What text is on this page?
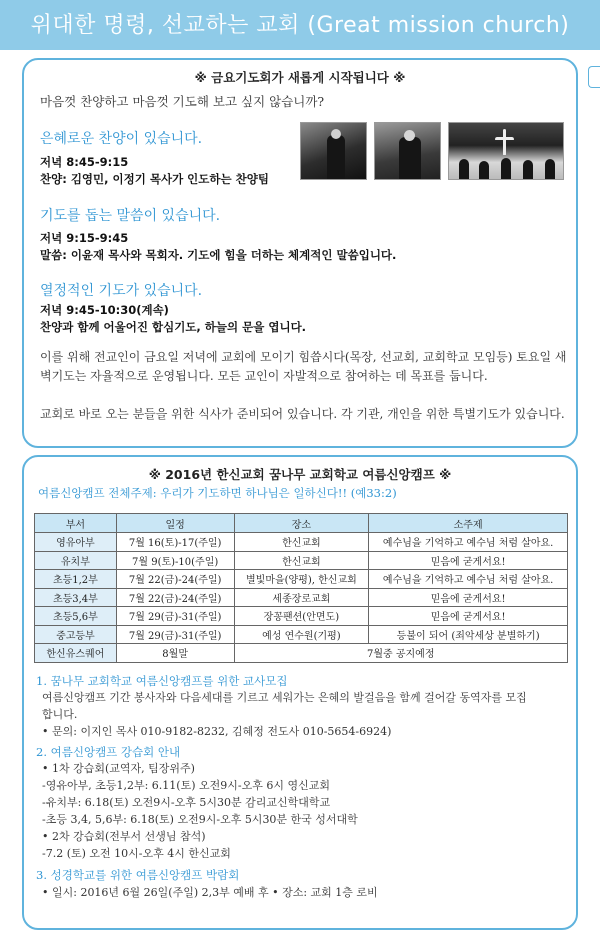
위대한 명령, 선교하는 교회 (Great mission church)
※ 금요기도회가 새롭게 시작됩니다 ※
마음껏 찬양하고 마음껏 기도해 보고 싶지 않습니까?
은혜로운 찬양이 있습니다.
저녁 8:45-9:15
찬양: 김영민, 이정기 목사가 인도하는 찬양팀
기도를 돕는 말씀이 있습니다.
저녁 9:15-9:45
말씀: 이윤재 목사와 목회자. 기도에 힘을 더하는 체계적인 말씀입니다.
열정적인 기도가 있습니다.
저녁 9:45-10:30(계속)
찬양과 함께 어울어진 합심기도, 하늘의 문을 엽니다.
이를 위해 전교인이 금요일 저녁에 교회에 모이기 힘씁시다(목장, 선교회, 교회학교 모임등) 토요일 새벽기도는 자율적으로 운영됩니다. 모든 교인이 자발적으로 참여하는 데 목표를 둡니다.
교회로 바로 오는 분들을 위한 식사가 준비되어 있습니다. 각 기관, 개인을 위한 특별기도가 있습니다.
※ 2016년 한신교회 꿈나무 교회학교 여름신앙캠프 ※
여름신앙캠프 전체주제: 우리가 기도하면 하나님은 일하신다!! (예33:2)
부서	일정	장소	소주제
영유아부	7월 16(토)-17(주일)	한신교회	예수님을 기억하고 예수님 처럼 살아요.
유치부	7월 9(토)-10(주일)	한신교회	믿음에 굳게서요!
초등1,2부	7월 22(금)-24(주일)	별빛마을(양평), 한신교회	예수님을 기억하고 예수님 처럼 살아요.
초등3,4부	7월 22(금)-24(주일)	세종장로교회	믿음에 굳게서요!
초등5,6부	7월 29(금)-31(주일)	장꽁팬션(안면도)	믿음에 굳게서요!
중고등부	7월 29(금)-31(주일)	예성 연수원(기평)	등불이 되어 (죄악세상 분별하기)
한신유스퀘어	8월말	7월중 공지예정	
1. 꿈나무 교회학교 여름신앙캠프를 위한 교사모집
여름신앙캠프 기간 봉사자와 다음세대를 기르고 세워가는 은혜의 발걸음을 함께 걸어갈 동역자를 모집
합니다.
• 문의: 이지인 목사 010-9182-8232, 김혜정 전도사 010-5654-6924)
2. 여름신앙캠프 강습회 안내
• 1차 강습회(교역자, 팀장위주)
-영유아부, 초등1,2부: 6.11(토) 오전9시-오후 6시 영신교회
-유치부: 6.18(토) 오전9시-오후 5시30분 감리교신학대학교
-초등 3,4, 5,6부: 6.18(토) 오전9시-오후 5시30분 한국 성서대학
• 2차 강습회(전부서 선생님 참석)
-7.2 (토) 오전 10시-오후 4시 한신교회
3. 성경학교를 위한 여름신앙캠프 박람회
• 일시: 2016년 6월 26일(주일) 2,3부 예배 후 • 장소: 교회 1층 로비
